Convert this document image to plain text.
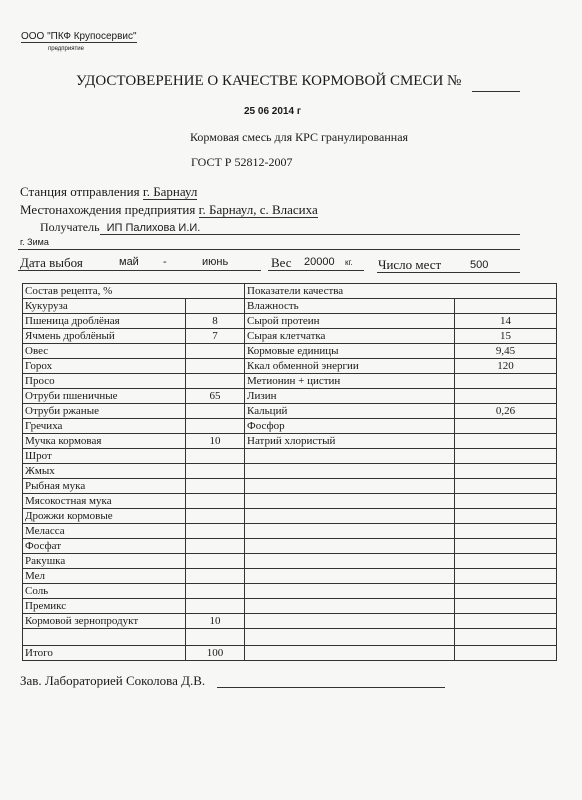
ООО "ПКФ Крупосервис"
предприятие
УДОСТОВЕРЕНИЕ О КАЧЕСТВЕ КОРМОВОЙ СМЕСИ №
25 06 2014 г
Кормовая смесь для КРС гранулированная
ГОСТ Р 52812-2007
Станция отправления г. Барнаул
Местонахождения предприятия г. Барнаул, с. Власиха
Получатель ИП Палихова И.И.
г. Зима
Дата выбоя	май -	июнь	Вес 20000 кг. Число мест	500
Состав рецепта, %		Показатели качества	
Кукуруза		Влажность	
Пшеница дроблёная	8	Сырой протеин	14
Ячмень дроблёный	7	Сырая клетчатка	15
Овес		Кормовые единицы	9,45
Горох		Ккал обменной энергии	120
Просо		Метионин + цистин	
Отруби пшеничные	65	Лизин	
Отруби ржаные		Кальций	0,26
Гречиха		Фосфор	
Мучка кормовая	10	Натрий хлористый	
Шрот			
Жмых			
Рыбная мука			
Мясокостная мука			
Дрожжи кормовые			
Меласса			
Фосфат			
Ракушка			
Мел			
Соль			
Премикс			
Кормовой зернопродукт	10		

Итого	100		
Зав. Лабораторией Соколова Д.В.
